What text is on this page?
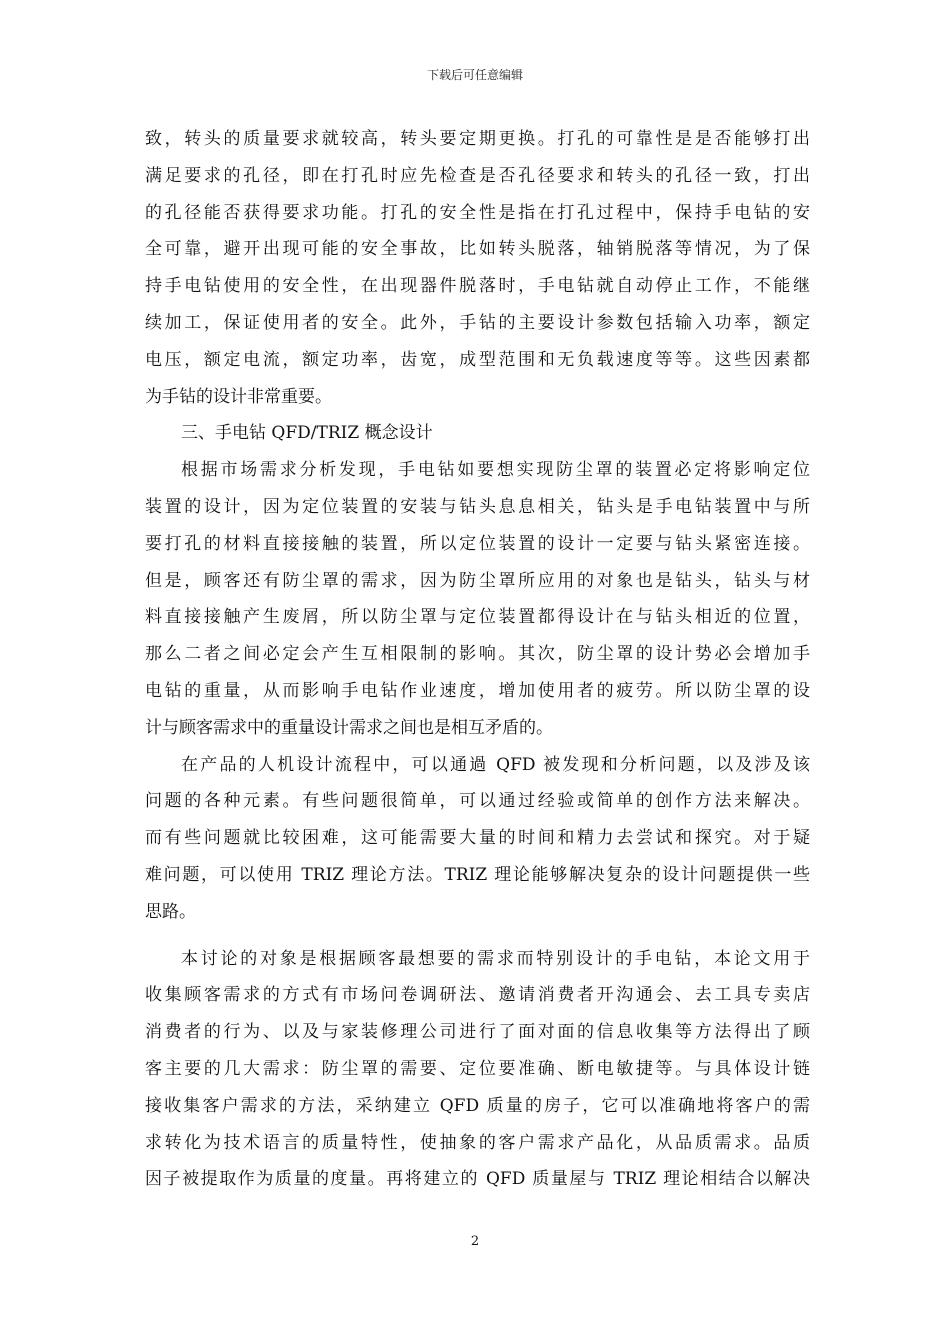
下载后可任意编辑
致，转头的质量要求就较高，转头要定期更换。打孔的可靠性是是否能够打出
满足要求的孔径，即在打孔时应先检查是否孔径要求和转头的孔径一致，打出
的孔径能否获得要求功能。打孔的安全性是指在打孔过程中，保持手电钻的安
全可靠，避开出现可能的安全事故，比如转头脱落，轴销脱落等情况，为了保
持手电钻使用的安全性，在出现器件脱落时，手电钻就自动停止工作，不能继
续加工，保证使用者的安全。此外，手钻的主要设计参数包括输入功率，额定
电压，额定电流，额定功率，齿宽，成型范围和无负载速度等等。这些因素都
为手钻的设计非常重要。
三、手电钻 QFD/TRIZ 概念设计
根据市场需求分析发现，手电钻如要想实现防尘罩的装置必定将影响定位
装置的设计，因为定位装置的安装与钻头息息相关，钻头是手电钻装置中与所
要打孔的材料直接接触的装置，所以定位装置的设计一定要与钻头紧密连接。
但是，顾客还有防尘罩的需求，因为防尘罩所应用的对象也是钻头，钻头与材
料直接接触产生废屑，所以防尘罩与定位装置都得设计在与钻头相近的位置，
那么二者之间必定会产生互相限制的影响。其次，防尘罩的设计势必会增加手
电钻的重量，从而影响手电钻作业速度，增加使用者的疲劳。所以防尘罩的设
计与顾客需求中的重量设计需求之间也是相互矛盾的。
在产品的人机设计流程中，可以通過 QFD 被发现和分析问题，以及涉及该
问题的各种元素。有些问题很简单，可以通过经验或简单的创作方法来解决。
而有些问题就比较困难，这可能需要大量的时间和精力去尝试和探究。对于疑
难问题，可以使用 TRIZ 理论方法。TRIZ 理论能够解决复杂的设计问题提供一些
思路。
本讨论的对象是根据顾客最想要的需求而特别设计的手电钻，本论文用于
收集顾客需求的方式有市场问卷调研法、邀请消费者开沟通会、去工具专卖店
消费者的行为、以及与家装修理公司进行了面对面的信息收集等方法得出了顾
客主要的几大需求：防尘罩的需要、定位要准确、断电敏捷等。与具体设计链
接收集客户需求的方法，采纳建立 QFD 质量的房子，它可以准确地将客户的需
求转化为技术语言的质量特性，使抽象的客户需求产品化，从品质需求。品质
因子被提取作为质量的度量。再将建立的 QFD 质量屋与 TRIZ 理论相结合以解决
2
